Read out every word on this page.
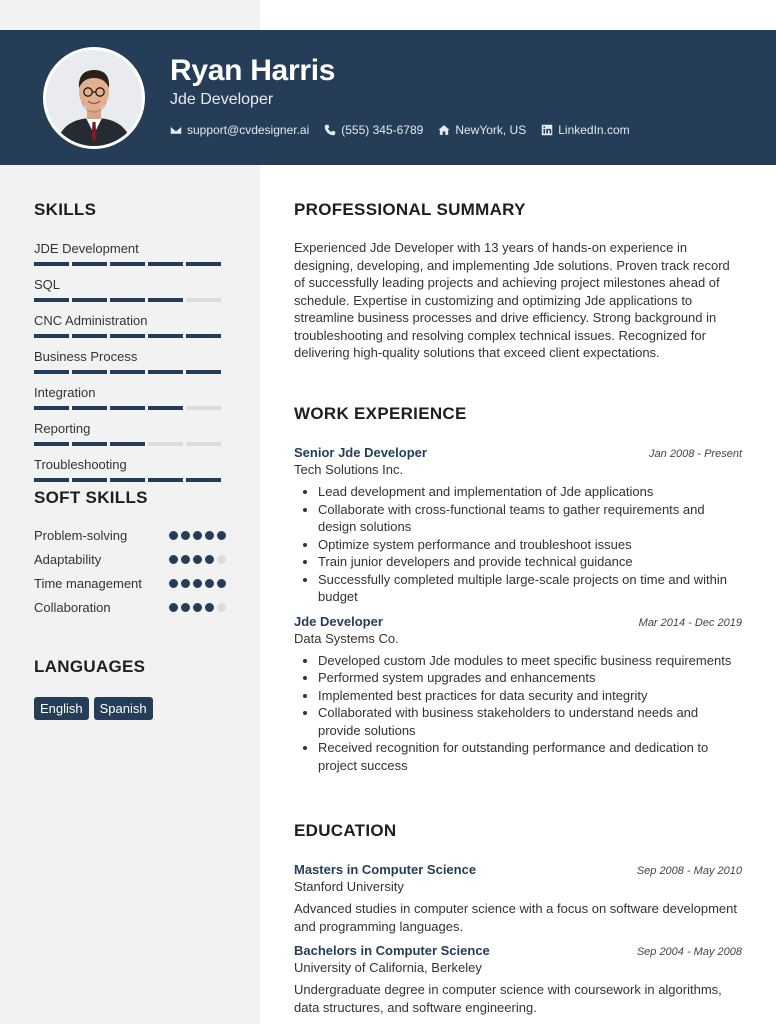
Ryan Harris
Jde Developer
support@cvdesigner.ai	(555) 345-6789	NewYork, US	LinkedIn.com
SKILLS
JDE Development
SQL
CNC Administration
Business Process
Integration
Reporting
Troubleshooting
SOFT SKILLS
Problem-solving
Adaptability
Time management
Collaboration
LANGUAGES
English	Spanish
PROFESSIONAL SUMMARY
Experienced Jde Developer with 13 years of hands-on experience in designing, developing, and implementing Jde solutions. Proven track record of successfully leading projects and achieving project milestones ahead of schedule. Expertise in customizing and optimizing Jde applications to streamline business processes and drive efficiency. Strong background in troubleshooting and resolving complex technical issues. Recognized for delivering high-quality solutions that exceed client expectations.
WORK EXPERIENCE
Senior Jde Developer	Jan 2008 - Present
Tech Solutions Inc.
Lead development and implementation of Jde applications
Collaborate with cross-functional teams to gather requirements and design solutions
Optimize system performance and troubleshoot issues
Train junior developers and provide technical guidance
Successfully completed multiple large-scale projects on time and within budget
Jde Developer	Mar 2014 - Dec 2019
Data Systems Co.
Developed custom Jde modules to meet specific business requirements
Performed system upgrades and enhancements
Implemented best practices for data security and integrity
Collaborated with business stakeholders to understand needs and provide solutions
Received recognition for outstanding performance and dedication to project success
EDUCATION
Masters in Computer Science	Sep 2008 - May 2010
Stanford University
Advanced studies in computer science with a focus on software development and programming languages.
Bachelors in Computer Science	Sep 2004 - May 2008
University of California, Berkeley
Undergraduate degree in computer science with coursework in algorithms, data structures, and software engineering.
